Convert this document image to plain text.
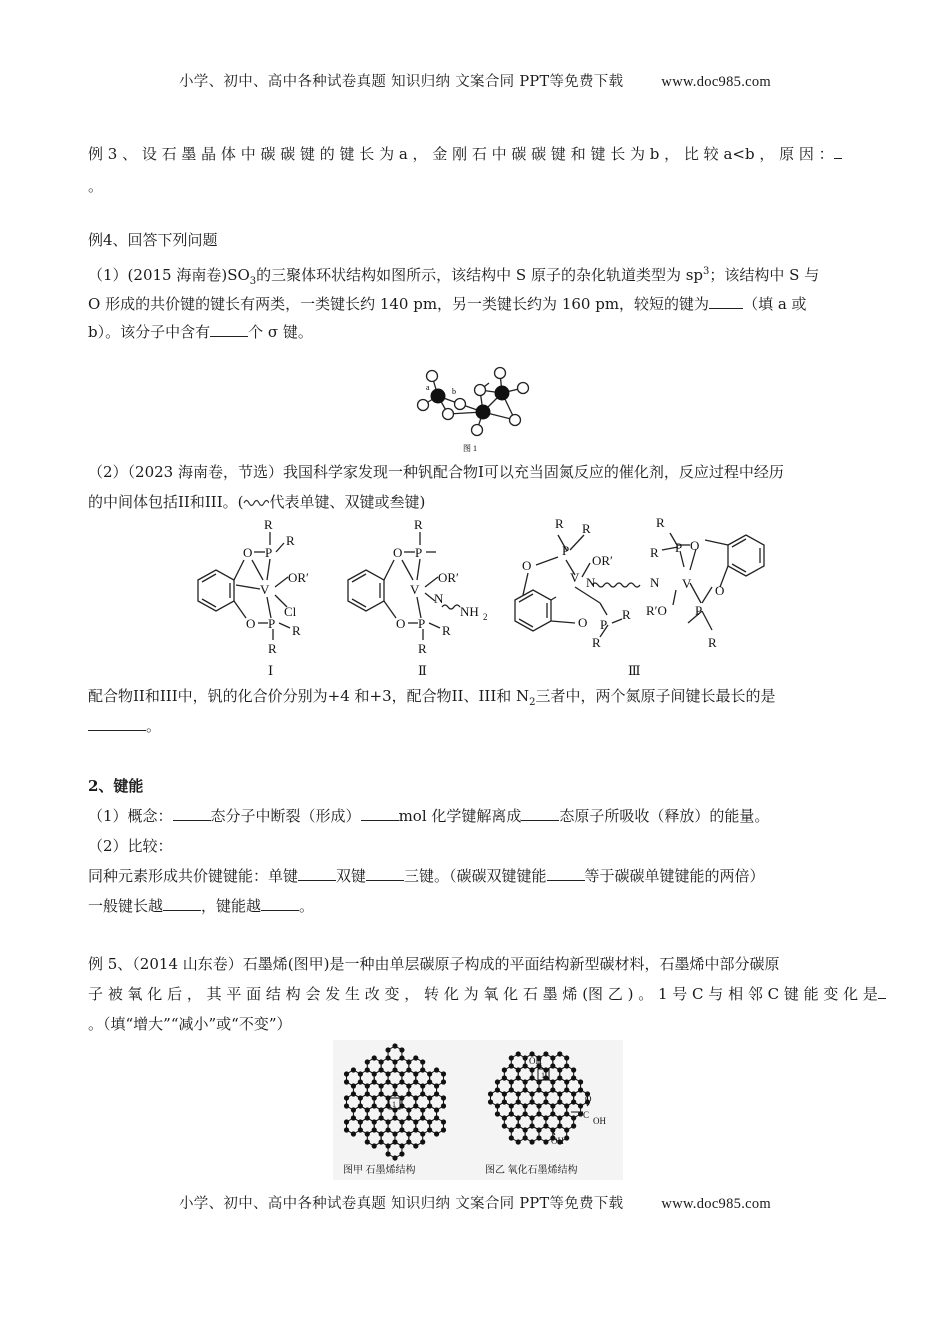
小学、初中、高中各种试卷真题 知识归纳 文案合同 PPT等免费下载	www.doc985.com
例 3 、 设 石 墨 晶 体 中 碳 碳 键 的 键 长 为 a ， 金 刚 石 中 碳 碳 键 和 键 长 为 b ， 比 较 a<b ， 原 因 ：
。
例4、回答下列问题
（1）(2015 海南卷)$SO_3$的三聚体环状结构如图所示，该结构中 S 原子的杂化轨道类型为 $sp^3$；该结构中 S 与
O 形成的共价键的键长有两类，一类键长约 140 pm，另一类键长约为 160 pm，较短的键为 （填 a 或
b）。该分子中含有	个 σ 键。
a	b
图 1
（2）（2023 海南卷，节选）我国科学家发现一种钒配合物I可以充当固氮反应的催化剂，反应过程中经历
的中间体包括II和III。( 代表单键、双键或叁键)
O P
R
R
V
OR′
Cl
O P R
R
Ⅰ
O P
R
V
OR′
N
NH 2
O P R
R
Ⅱ
R R
P
O
V
OR′
N	N
P
R
R
O
R
R P O
V
R′O
O
P
R
Ⅲ
配合物II和III中，钒的化合价分别为+4 和+3，配合物II、III和 $N_2$三者中，两个氮原子间键长最长的是
。
2、键能
（1）概念：	态分子中断裂（形成）	mol 化学键解离成	态原子所吸收（释放）的能量。
（2）比较：
同种元素形成共价键键能：单键	双键	三键。（碳碳双键键能	等于碳碳单键键能的两倍）
一般键长越	，键能越	。
例 5、（2014 山东卷）石墨烯(图甲)是一种由单层碳原子构成的平面结构新型碳材料，石墨烯中部分碳原
子 被 氧 化 后 ， 其 平 面 结 构 会 发 生 改 变 ， 转 化 为 氧 化 石 墨 烯 (图 乙 ) 。 1 号 C 与 相 邻 C 键 能 变 化 是
。（填“增大”“减小”或“不变”）
1
1
OH
OH
C
O
OH
图甲 石墨烯结构	图乙 氧化石墨烯结构
小学、初中、高中各种试卷真题 知识归纳 文案合同 PPT等免费下载	www.doc985.com
